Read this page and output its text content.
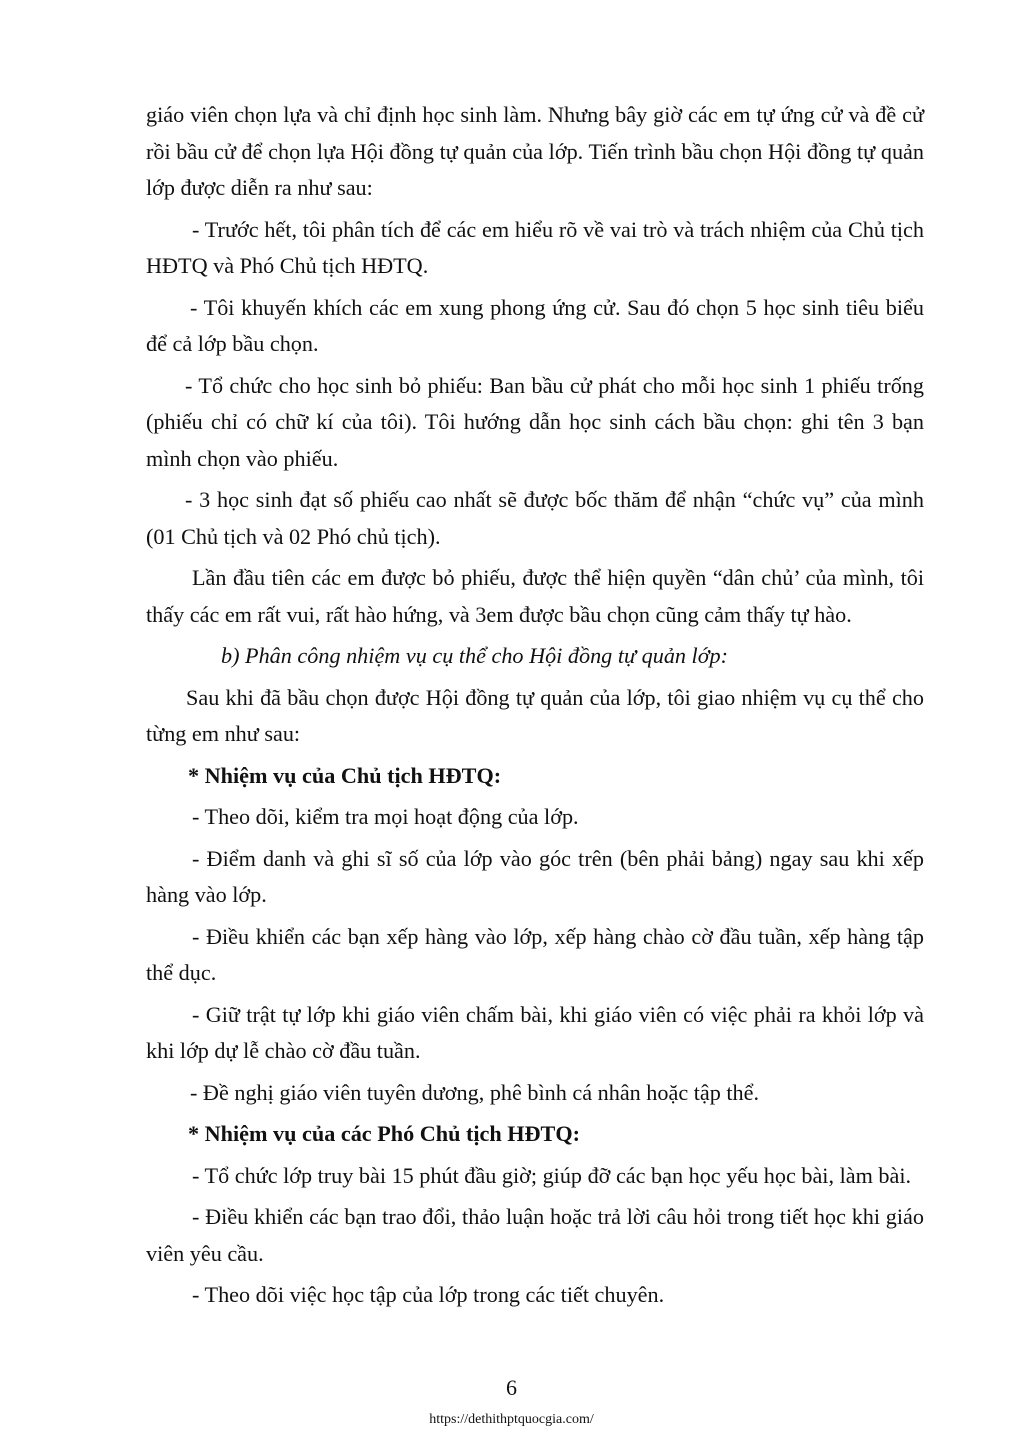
giáo viên chọn lựa và chỉ định học sinh làm. Nhưng bây giờ các em tự ứng cử và đề cử rồi bầu cử để chọn lựa Hội đồng tự quản của lớp. Tiến trình bầu chọn Hội đồng tự quản lớp được diễn ra như sau:

- Trước hết, tôi phân tích để các em hiểu rõ về vai trò và trách nhiệm của Chủ tịch HĐTQ và Phó Chủ tịch HĐTQ.

- Tôi khuyến khích các em xung phong ứng cử. Sau đó chọn 5 học sinh tiêu biểu để cả lớp bầu chọn.

- Tổ chức cho học sinh bỏ phiếu: Ban bầu cử phát cho mỗi học sinh 1 phiếu trống (phiếu chỉ có chữ kí của tôi). Tôi hướng dẫn học sinh cách bầu chọn: ghi tên 3 bạn mình chọn vào phiếu.

- 3 học sinh đạt số phiếu cao nhất sẽ được bốc thăm để nhận “chức vụ” của mình (01 Chủ tịch và 02 Phó chủ tịch).

Lần đầu tiên các em được bỏ phiếu, được thể hiện quyền “dân chủ’ của mình, tôi thấy các em rất vui, rất hào hứng, và 3em được bầu chọn cũng cảm thấy tự hào.

b) Phân công nhiệm vụ cụ thể cho Hội đồng tự quản lớp:

Sau khi đã bầu chọn được Hội đồng tự quản của lớp, tôi giao nhiệm vụ cụ thể cho từng em như sau:

* Nhiệm vụ của Chủ tịch HĐTQ:

- Theo dõi, kiểm tra mọi hoạt động của lớp.

- Điểm danh và ghi sĩ số của lớp vào góc trên (bên phải bảng) ngay sau khi xếp hàng vào lớp.

- Điều khiển các bạn xếp hàng vào lớp, xếp hàng chào cờ đầu tuần, xếp hàng tập thể dục.

- Giữ trật tự lớp khi giáo viên chấm bài, khi giáo viên có việc phải ra khỏi lớp và khi lớp dự lễ chào cờ đầu tuần.

- Đề nghị giáo viên tuyên dương, phê bình cá nhân hoặc tập thể.

* Nhiệm vụ của các Phó Chủ tịch HĐTQ:

- Tổ chức lớp truy bài 15 phút đầu giờ; giúp đỡ các bạn học yếu học bài, làm bài.

- Điều khiển các bạn trao đổi, thảo luận hoặc trả lời câu hỏi trong tiết học khi giáo viên yêu cầu.

- Theo dõi việc học tập của lớp trong các tiết chuyên.

6
https://dethithptquocgia.com/
